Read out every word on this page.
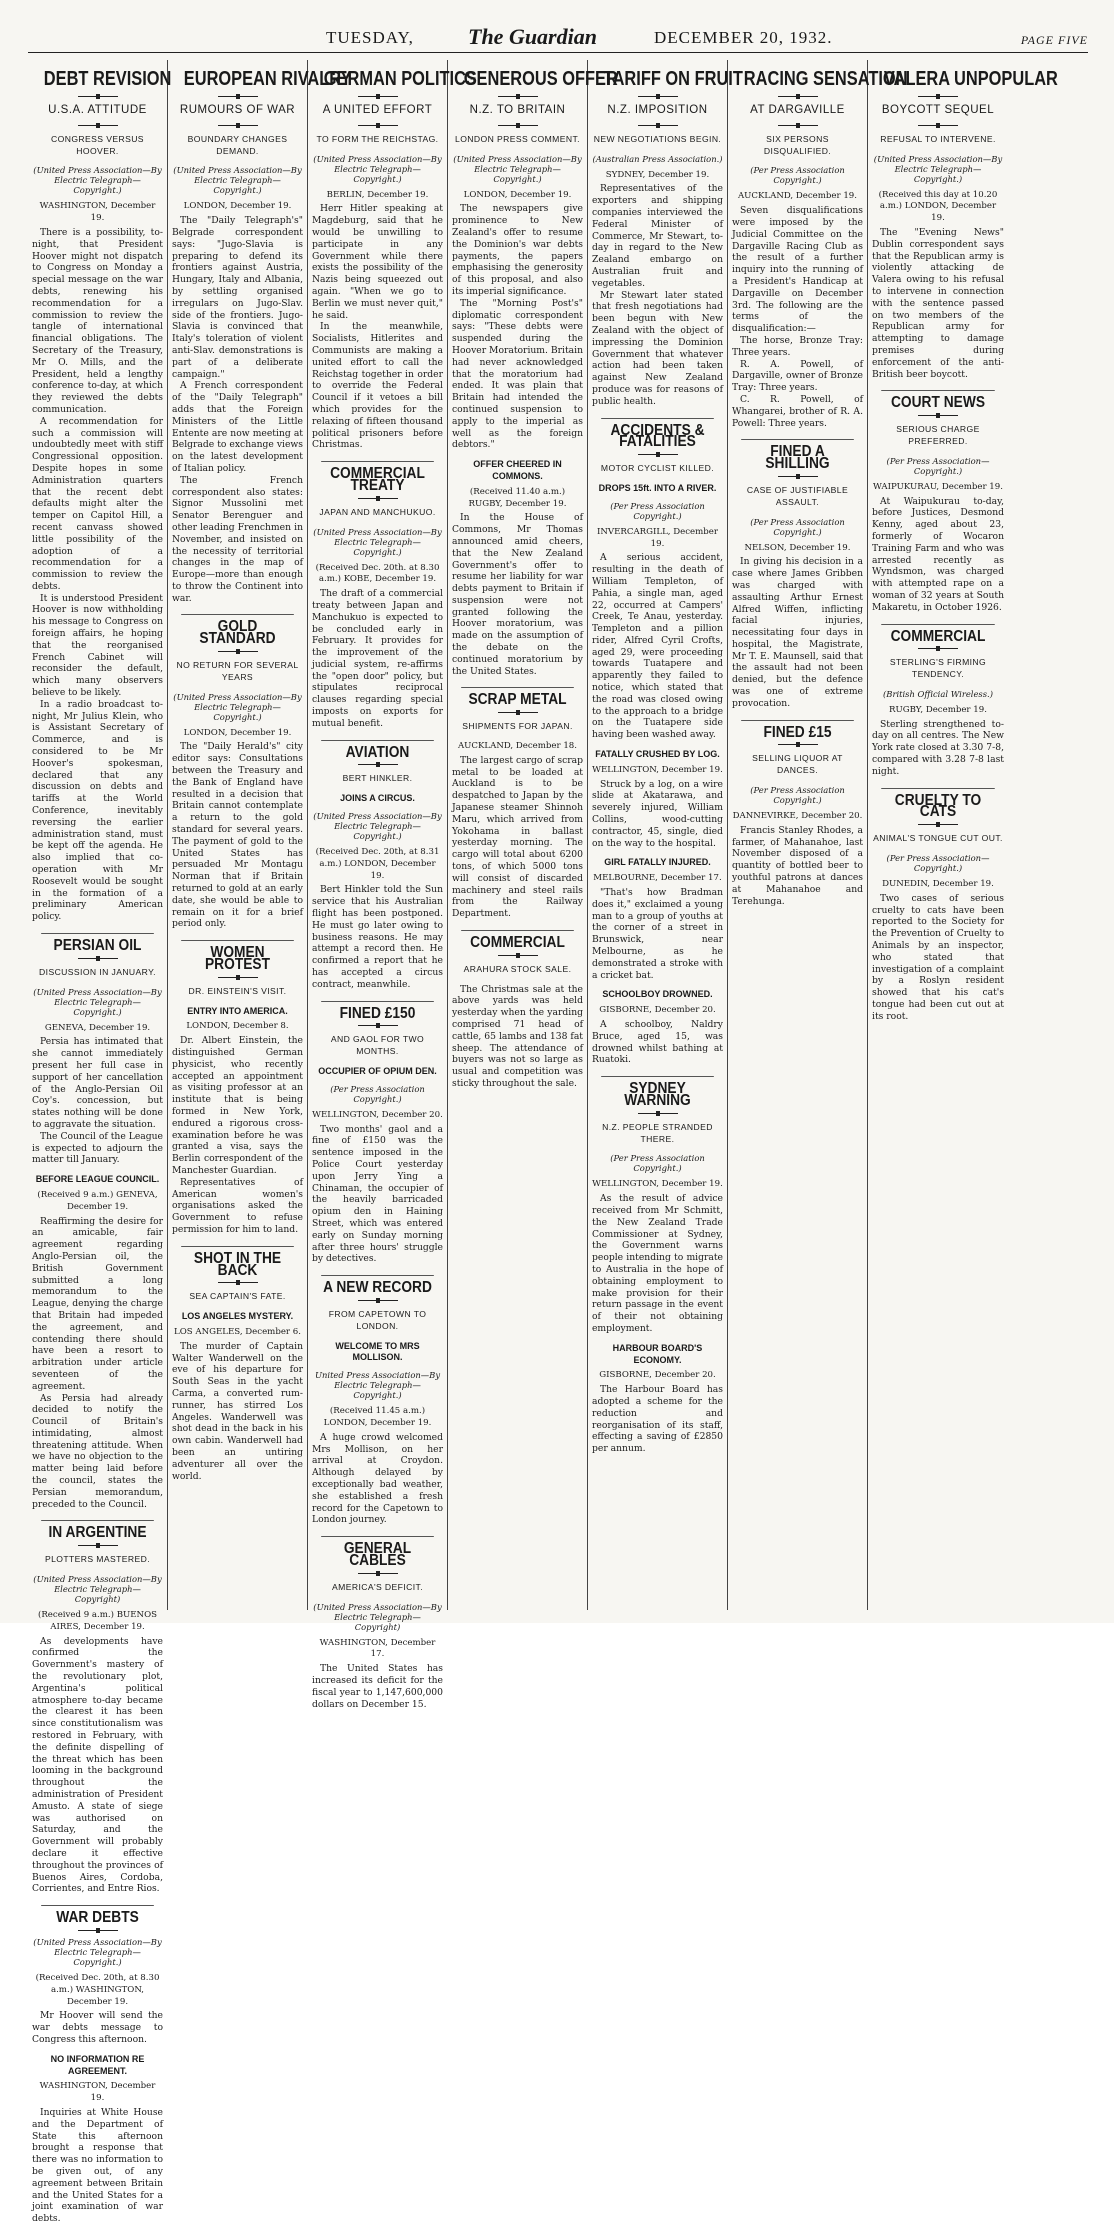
TUESDAY, The Guardian	DECEMBER 20, 1932.	PAGE FIVE
DEBT REVISION
U.S.A. ATTITUDE
CONGRESS VERSUS HOOVER.
(United Press Association—By Electric Telegraph—Copyright.)
WASHINGTON, December 19.

There is a possibility, to-night, that President Hoover might not dispatch to Congress on Monday a special message on the war debts, renewing his recommendation for a commission to review the tangle of international financial obligations. The Secretary of the Treasury, Mr O. Mills, and the President, held a lengthy conference to-day, at which they reviewed the debts communication.

A recommendation for such a commission will undoubtedly meet with stiff Congressional opposition. Despite hopes in some Administration quarters that the recent debt defaults might alter the temper on Capitol Hill, a recent canvass showed little possibility of the adoption of a recommendation for a commission to review the debts.

It is understood President Hoover is now withholding his message to Congress on foreign affairs, he hoping that the reorganised French Cabinet will reconsider the default, which many observers believe to be likely.

In a radio broadcast to-night, Mr Julius Klein, who is Assistant Secretary of Commerce, and is considered to be Mr Hoover's spokesman, declared that any discussion on debts and tariffs at the World Conference, inevitably reversing the earlier administration stand, must be kept off the agenda. He also implied that co-operation with Mr Roosevelt would be sought in the formation of a preliminary American policy.

PERSIAN OIL
DISCUSSION IN JANUARY.
(United Press Association—By Electric Telegraph—Copyright.)
GENEVA, December 19.

Persia has intimated that she cannot immediately present her full case in support of her cancellation of the Anglo-Persian Oil Coy's. concession, but states nothing will be done to aggravate the situation.

The Council of the League is expected to adjourn the matter till January.

BEFORE LEAGUE COUNCIL.
(Received 9 a.m.) GENEVA, December 19.

Reaffirming the desire for an amicable, fair agreement regarding Anglo-Persian oil, the British Government submitted a long memorandum to the League, denying the charge that Britain had impeded the agreement, and contending there should have been a resort to arbitration under article seventeen of the agreement.

As Persia had already decided to notify the Council of Britain's intimidating, almost threatening attitude. When we have no objection to the matter being laid before the council, states the Persian memorandum, preceded to the Council.

IN ARGENTINE
PLOTTERS MASTERED.
(United Press Association—By Electric Telegraph—Copyright)
(Received 9 a.m.) BUENOS AIRES, December 19.

As developments have confirmed the Government's mastery of the revolutionary plot, Argentina's political atmosphere to-day became the clearest it has been since constitutionalism was restored in February, with the definite dispelling of the threat which has been looming in the background throughout the administration of President Amusto. A state of siege was authorised on Saturday, and the Government will probably declare it effective throughout the provinces of Buenos Aires, Cordoba, Corrientes, and Entre Rios.

WAR DEBTS
(United Press Association—By Electric Telegraph—Copyright.)
(Received Dec. 20th, at 8.30 a.m.) WASHINGTON, December 19.

Mr Hoover will send the war debts message to Congress this afternoon.

NO INFORMATION RE AGREEMENT.
WASHINGTON, December 19.

Inquiries at White House and the Department of State this afternoon brought a response that there was no information to be given out, of any agreement between Britain and the United States for a joint examination of war debts.

EUROPEAN RIVALRY
RUMOURS OF WAR
BOUNDARY CHANGES DEMAND.
(United Press Association—By Electric Telegraph—Copyright.)
LONDON, December 19.

The "Daily Telegraph's" Belgrade correspondent says: "Jugo-Slavia is preparing to defend its frontiers against Austria, Hungary, Italy and Albania, by settling organised irregulars on Jugo-Slav. side of the frontiers. Jugo-Slavia is convinced that Italy's toleration of violent anti-Slav. demonstrations is part of a deliberate campaign."

A French correspondent of the "Daily Telegraph" adds that the Foreign Ministers of the Little Entente are now meeting at Belgrade to exchange views on the latest development of Italian policy.

The French correspondent also states: Signor Mussolini met Senator Berenguer and other leading Frenchmen in November, and insisted on the necessity of territorial changes in the map of Europe—more than enough to throw the Continent into war.

GOLD STANDARD
NO RETURN FOR SEVERAL YEARS
(United Press Association—By Electric Telegraph—Copyright.)
LONDON, December 19.

The "Daily Herald's" city editor says: Consultations between the Treasury and the Bank of England have resulted in a decision that Britain cannot contemplate a return to the gold standard for several years. The payment of gold to the United States has persuaded Mr Montagu Norman that if Britain returned to gold at an early date, she would be able to remain on it for a brief period only.

WOMEN PROTEST
DR. EINSTEIN'S VISIT.
ENTRY INTO AMERICA.
LONDON, December 8.

Dr. Albert Einstein, the distinguished German physicist, who recently accepted an appointment as visiting professor at an institute that is being formed in New York, endured a rigorous cross-examination before he was granted a visa, says the Berlin correspondent of the Manchester Guardian.

Representatives of American women's organisations asked the Government to refuse permission for him to land.

SHOT IN THE BACK
SEA CAPTAIN'S FATE.
LOS ANGELES MYSTERY.
LOS ANGELES, December 6.

The murder of Captain Walter Wanderwell on the eve of his departure for South Seas in the yacht Carma, a converted rum-runner, has stirred Los Angeles. Wanderwell was shot dead in the back in his own cabin. Wanderwell had been an untiring adventurer all over the world.

GERMAN POLITICS
A UNITED EFFORT
TO FORM THE REICHSTAG.
(United Press Association—By Electric Telegraph—Copyright.)
BERLIN, December 19.

Herr Hitler speaking at Magdeburg, said that he would be unwilling to participate in any Government while there exists the possibility of the Nazis being squeezed out again. "When we go to Berlin we must never quit," he said.

In the meanwhile, Socialists, Hitlerites and Communists are making a united effort to call the Reichstag together in order to override the Federal Council if it vetoes a bill which provides for the relaxing of fifteen thousand political prisoners before Christmas.

COMMERCIAL TREATY
JAPAN AND MANCHUKUO.
(United Press Association—By Electric Telegraph—Copyright.)
(Received Dec. 20th. at 8.30 a.m.) KOBE, December 19.

The draft of a commercial treaty between Japan and Manchukuo is expected to be concluded early in February. It provides for the improvement of the judicial system, re-affirms the "open door" policy, but stipulates reciprocal clauses regarding special imposts on exports for mutual benefit.

AVIATION
BERT HINKLER.
JOINS A CIRCUS.
(United Press Association—By Electric Telegraph—Copyright.)
(Received Dec. 20th, at 8.31 a.m.) LONDON, December 19.

Bert Hinkler told the Sun service that his Australian flight has been postponed. He must go later owing to business reasons. He may attempt a record then. He confirmed a report that he has accepted a circus contract, meanwhile.

FINED £150
AND GAOL FOR TWO MONTHS.
OCCUPIER OF OPIUM DEN.
(Per Press Association Copyright.)
WELLINGTON, December 20.

Two months' gaol and a fine of £150 was the sentence imposed in the Police Court yesterday upon Jerry Ying a Chinaman, the occupier of the heavily barricaded opium den in Haining Street, which was entered early on Sunday morning after three hours' struggle by detectives.

A NEW RECORD
FROM CAPETOWN TO LONDON.
WELCOME TO MRS MOLLISON.
United Press Association—By Electric Telegraph—Copyright.)
(Received 11.45 a.m.) LONDON, December 19.

A huge crowd welcomed Mrs Mollison, on her arrival at Croydon. Although delayed by exceptionally bad weather, she established a fresh record for the Capetown to London journey.

GENERAL CABLES
AMERICA'S DEFICIT.
(United Press Association—By Electric Telegraph—Copyright)
WASHINGTON, December 17.

The United States has increased its deficit for the fiscal year to 1,147,600,000 dollars on December 15.

GENEROUS OFFER
N.Z. TO BRITAIN
LONDON PRESS COMMENT.
(United Press Association—By Electric Telegraph—Copyright.)
LONDON, December 19.

The newspapers give prominence to New Zealand's offer to resume the Dominion's war debts payments, the papers emphasising the generosity of this proposal, and also its imperial significance.

The "Morning Post's" diplomatic correspondent says: "These debts were suspended during the Hoover Moratorium. Britain had never acknowledged that the moratorium had ended. It was plain that Britain had intended the continued suspension to apply to the imperial as well as the foreign debtors."

OFFER CHEERED IN COMMONS.
(Received 11.40 a.m.) RUGBY, December 19.

In the House of Commons, Mr Thomas announced amid cheers, that the New Zealand Government's offer to resume her liability for war debts payment to Britain if suspension were not granted following the Hoover moratorium, was made on the assumption of the debate on the continued moratorium by the United States.

SCRAP METAL
SHIPMENTS FOR JAPAN.
AUCKLAND, December 18.

The largest cargo of scrap metal to be loaded at Auckland is to be despatched to Japan by the Japanese steamer Shinnoh Maru, which arrived from Yokohama in ballast yesterday morning. The cargo will total about 6200 tons, of which 5000 tons will consist of discarded machinery and steel rails from the Railway Department.

COMMERCIAL
ARAHURA STOCK SALE.

The Christmas sale at the above yards was held yesterday when the yarding comprised 71 head of cattle, 65 lambs and 138 fat sheep. The attendance of buyers was not so large as usual and competition was sticky throughout the sale.

TARIFF ON FRUIT
N.Z. IMPOSITION
NEW NEGOTIATIONS BEGIN.
(Australian Press Association.)
SYDNEY, December 19.

Representatives of the exporters and shipping companies interviewed the Federal Minister of Commerce, Mr Stewart, to-day in regard to the New Zealand embargo on Australian fruit and vegetables.

Mr Stewart later stated that fresh negotiations had been begun with New Zealand with the object of impressing the Dominion Government that whatever action had been taken against New Zealand produce was for reasons of public health.

ACCIDENTS & FATALITIES
MOTOR CYCLIST KILLED.
DROPS 15ft. INTO A RIVER.
(Per Press Association Copyright.)
INVERCARGILL, December 19.

A serious accident, resulting in the death of William Templeton, of Pahia, a single man, aged 22, occurred at Campers' Creek, Te Anau, yesterday. Templeton and a pillion rider, Alfred Cyril Crofts, aged 29, were proceeding towards Tuatapere and apparently they failed to notice, which stated that the road was closed owing to the approach to a bridge on the Tuatapere side having been washed away.

FATALLY CRUSHED BY LOG.
WELLINGTON, December 19.

Struck by a log, on a wire slide at Akatarawa, and severely injured, William Collins, wood-cutting contractor, 45, single, died on the way to the hospital.

GIRL FATALLY INJURED.
MELBOURNE, December 17.

"That's how Bradman does it," exclaimed a young man to a group of youths at the corner of a street in Brunswick, near Melbourne, as he demonstrated a stroke with a cricket bat.

SCHOOLBOY DROWNED.
GISBORNE, December 20.

A schoolboy, Naldry Bruce, aged 15, was drowned whilst bathing at Ruatoki.

SYDNEY WARNING
N.Z. PEOPLE STRANDED THERE.
(Per Press Association Copyright.)
WELLINGTON, December 19.

As the result of advice received from Mr Schmitt, the New Zealand Trade Commissioner at Sydney, the Government warns people intending to migrate to Australia in the hope of obtaining employment to make provision for their return passage in the event of their not obtaining employment.

HARBOUR BOARD'S ECONOMY.
GISBORNE, December 20.

The Harbour Board has adopted a scheme for the reduction and reorganisation of its staff, effecting a saving of £2850 per annum.

RACING SENSATION
AT DARGAVILLE
SIX PERSONS DISQUALIFIED.
(Per Press Association Copyright.)
AUCKLAND, December 19.

Seven disqualifications were imposed by the Judicial Committee on the Dargaville Racing Club as the result of a further inquiry into the running of a President's Handicap at Dargaville on December 3rd. The following are the terms of the disqualification:—

The horse, Bronze Tray: Three years.

R. A. Powell, of Dargaville, owner of Bronze Tray: Three years.

C. R. Powell, of Whangarei, brother of R. A. Powell: Three years.

FINED A SHILLING
CASE OF JUSTIFIABLE ASSAULT.
(Per Press Association Copyright.)
NELSON, December 19.

In giving his decision in a case where James Gribben was charged with assaulting Arthur Ernest Alfred Wiffen, inflicting facial injuries, necessitating four days in hospital, the Magistrate, Mr T. E. Maunsell, said that the assault had not been denied, but the defence was one of extreme provocation.

FINED £15
SELLING LIQUOR AT DANCES.
(Per Press Association Copyright.)
DANNEVIRKE, December 20.

Francis Stanley Rhodes, a farmer, of Mahanahoe, last November disposed of a quantity of bottled beer to youthful patrons at dances at Mahanahoe and Terehunga.

VALERA UNPOPULAR
BOYCOTT SEQUEL
REFUSAL TO INTERVENE.
(United Press Association—By Electric Telegraph—Copyright.)
(Received this day at 10.20 a.m.) LONDON, December 19.

The "Evening News" Dublin correspondent says that the Republican army is violently attacking de Valera owing to his refusal to intervene in connection with the sentence passed on two members of the Republican army for attempting to damage premises during enforcement of the anti-British beer boycott.

COURT NEWS
SERIOUS CHARGE PREFERRED.
(Per Press Association— Copyright.)
WAIPUKURAU, December 19.

At Waipukurau to-day, before Justices, Desmond Kenny, aged about 23, formerly of Wocaron Training Farm and who was arrested recently as Wyndsmon, was charged with attempted rape on a woman of 32 years at South Makaretu, in October 1926.

COMMERCIAL
STERLING'S FIRMING TENDENCY.
(British Official Wireless.)
RUGBY, December 19.

Sterling strengthened to-day on all centres. The New York rate closed at 3.30 7-8, compared with 3.28 7-8 last night.

CRUELTY TO CATS
ANIMAL'S TONGUE CUT OUT.
(Per Press Association— Copyright.)
DUNEDIN, December 19.

Two cases of serious cruelty to cats have been reported to the Society for the Prevention of Cruelty to Animals by an inspector, who stated that investigation of a complaint by a Roslyn resident showed that his cat's tongue had been cut out at its root.
